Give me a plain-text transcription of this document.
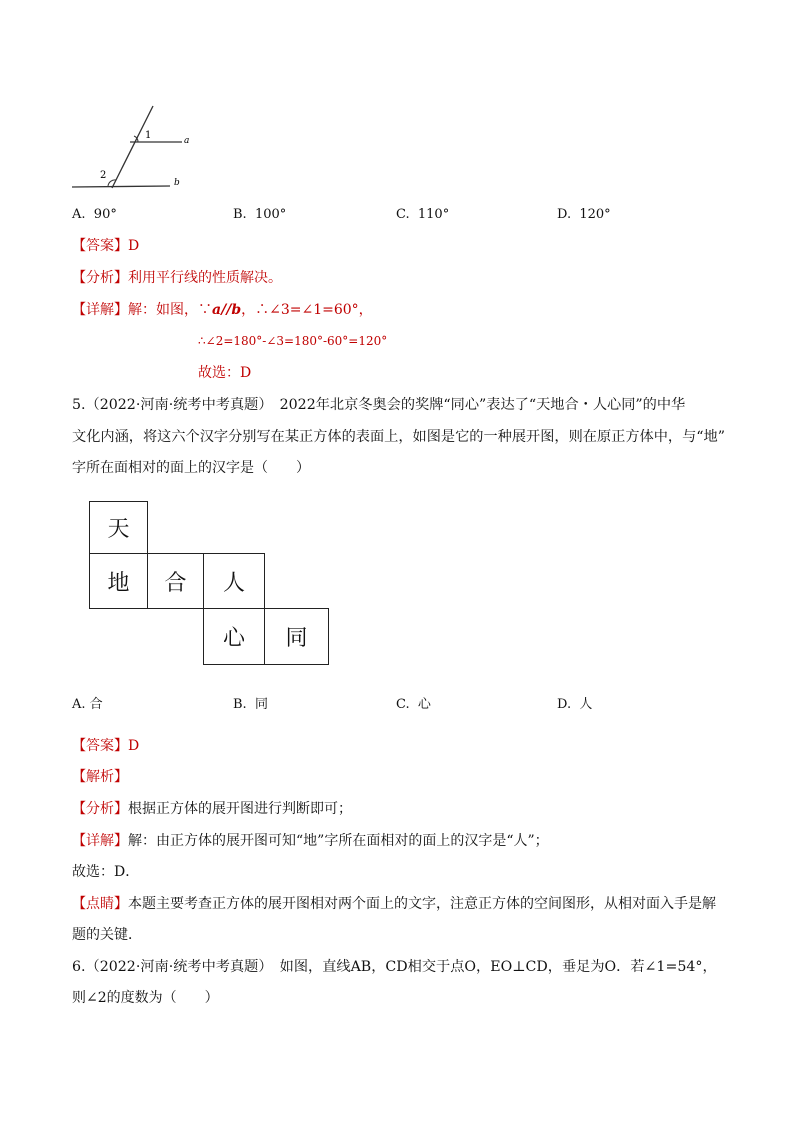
1
2
a
b
A. 90°	B. 100°	C. 110°	D. 120°
【答案】D
【分析】利用平行线的性质解决。
【详解】解：如图，∵a//b，∴∠3=∠1=60°，
∴∠2=180°-∠3=180°-60°=120°
故选：D
5.（2022·河南·统考中考真题）　2022年北京冬奥会的奖牌“同心”表达了“天地合・人心同”的中华
文化内涵，将这六个汉字分别写在某正方体的表面上，如图是它的一种展开图，则在原正方体中，与“地”
字所在面相对的面上的汉字是（　　）
天
地	合	人
心	同
A. 合	B. 同	C. 心	D. 人
【答案】D
【解析】
【分析】根据正方体的展开图进行判断即可；
【详解】解：由正方体的展开图可知“地”字所在面相对的面上的汉字是“人”；
故选：D．
【点睛】本题主要考查正方体的展开图相对两个面上的文字，注意正方体的空间图形，从相对面入手是解
题的关键．
6.（2022·河南·统考中考真题）　如图，直线AB，CD相交于点O，EO⊥CD，垂足为O．若∠1=54°，
则∠2的度数为（　　）
